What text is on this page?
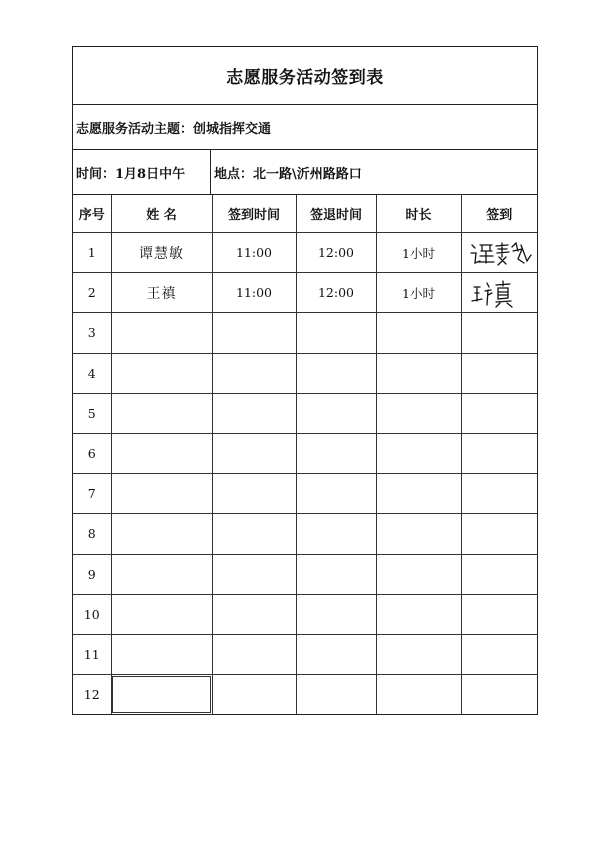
志愿服务活动签到表
志愿服务活动主题： 创城指挥交通
时间： 1月8日中午 地点： 北一路\沂州路路口
序号	姓 名	签到时间	签退时间	时长	签到
1	谭慧敏	11:00	12:00	1小时	

2	王禛	11:00	12:00	1小时	

3					
4					
5					
6					
7					
8					
9					
10					
11					
12					
